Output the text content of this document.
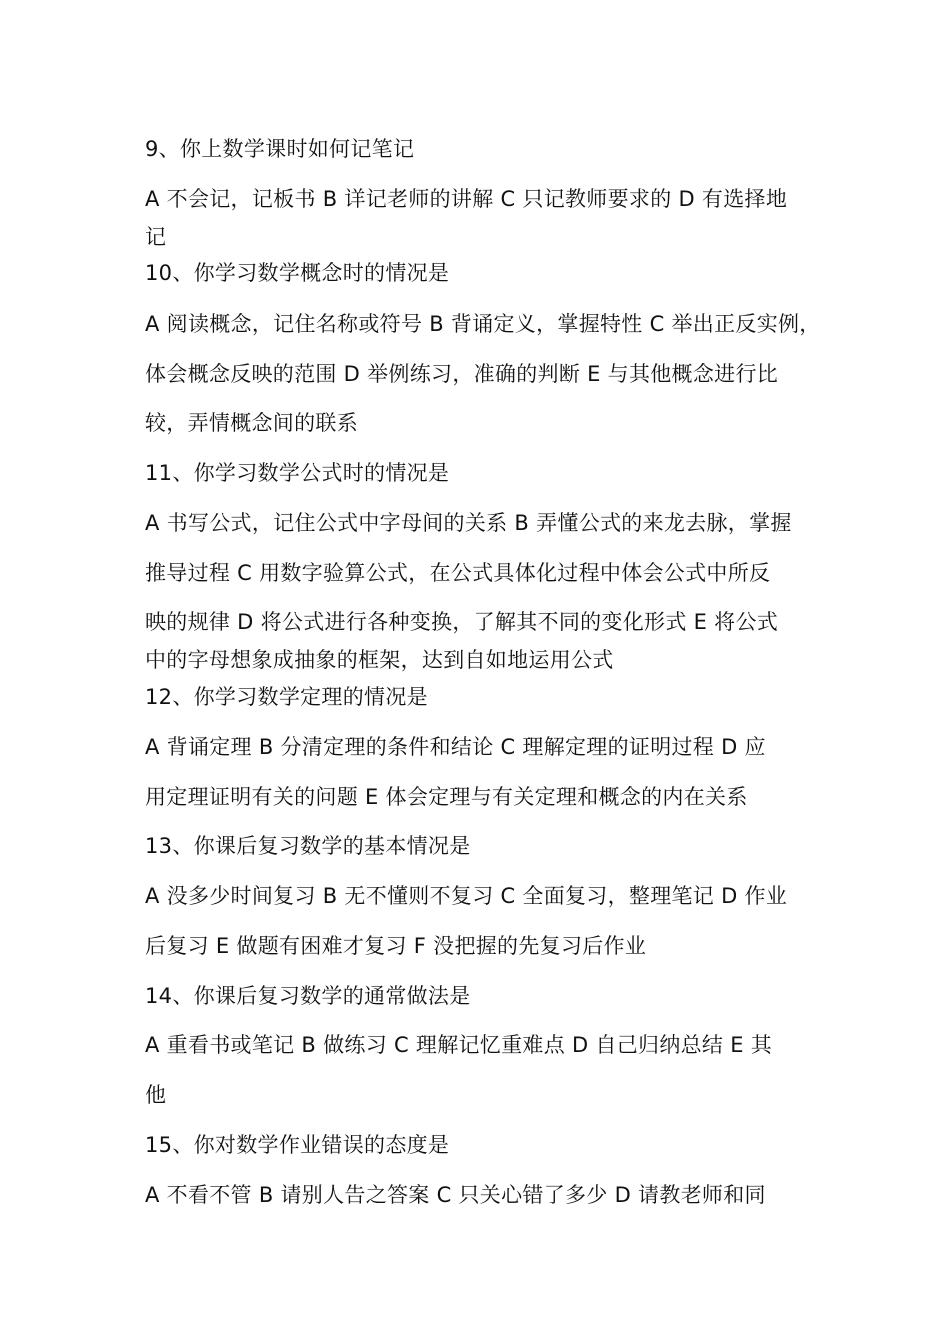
9、你上数学课时如何记笔记
A 不会记，记板书 B 详记老师的讲解 C 只记教师要求的 D 有选择地
记
10、你学习数学概念时的情况是
A 阅读概念，记住名称或符号 B 背诵定义，掌握特性 C 举出正反实例，
体会概念反映的范围 D 举例练习，准确的判断 E 与其他概念进行比
较，弄情概念间的联系
11、你学习数学公式时的情况是
A 书写公式，记住公式中字母间的关系 B 弄懂公式的来龙去脉，掌握
推导过程 C 用数字验算公式，在公式具体化过程中体会公式中所反
映的规律 D 将公式进行各种变换，了解其不同的变化形式 E 将公式
中的字母想象成抽象的框架，达到自如地运用公式
12、你学习数学定理的情况是
A 背诵定理 B 分清定理的条件和结论 C 理解定理的证明过程 D 应
用定理证明有关的问题 E 体会定理与有关定理和概念的内在关系
13、你课后复习数学的基本情况是
A 没多少时间复习 B 无不懂则不复习 C 全面复习，整理笔记 D 作业
后复习 E 做题有困难才复习 F 没把握的先复习后作业
14、你课后复习数学的通常做法是
A 重看书或笔记 B 做练习 C 理解记忆重难点 D 自己归纳总结 E 其
他
15、你对数学作业错误的态度是
A 不看不管 B 请别人告之答案 C 只关心错了多少 D 请教老师和同
